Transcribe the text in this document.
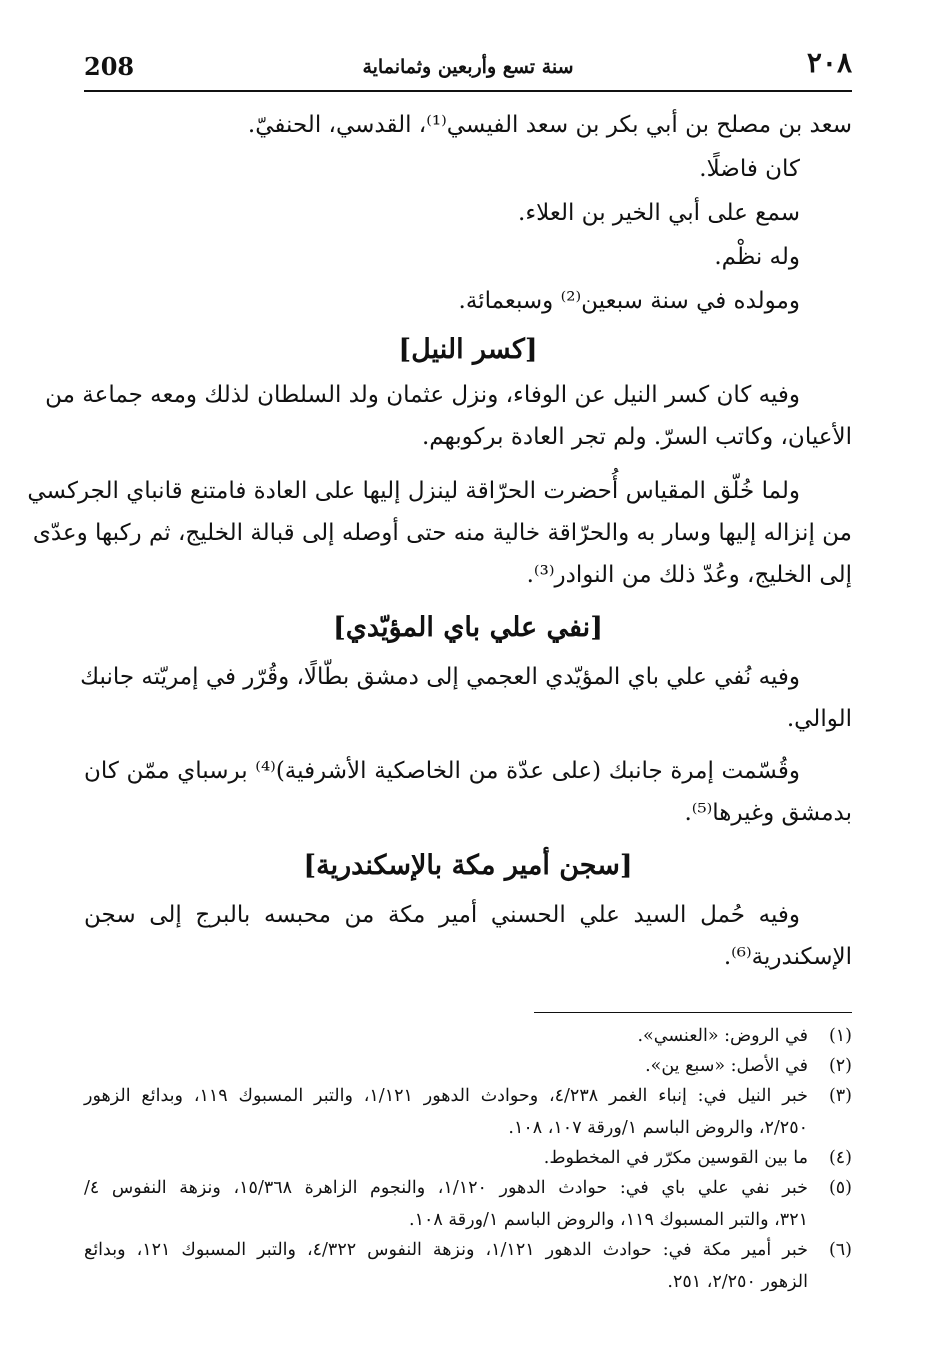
208	سنة تسع وأربعين وثمانماية	٢٠٨
سعد بن مصلح بن أبي بكر بن سعد الفيسي⁽¹⁾، القدسي، الحنفيّ.
كان فاضلًا.
سمع على أبي الخير بن العلاء.
وله نظْم.
ومولده في سنة سبعين⁽²⁾ وسبعمائة.
[كسر النيل]
وفيه كان كسر النيل عن الوفاء، ونزل عثمان ولد السلطان لذلك ومعه جماعة من
الأعيان، وكاتب السرّ. ولم تجر العادة بركوبهم.
ولما خُلّق المقياس أُحضرت الحرّاقة لينزل إليها على العادة فامتنع قانباي الجركسي
من إنزاله إليها وسار به والحرّاقة خالية منه حتى أوصله إلى قبالة الخليج، ثم ركبها وعدّى
إلى الخليج، وعُدّ ذلك من النوادر⁽³⁾.
[نفي علي باي المؤيّدي]
وفيه نُفي علي باي المؤيّدي العجمي إلى دمشق بطّالًا، وقُرّر في إمريّته جانبك
الوالي.
وقُسّمت إمرة جانبك (على عدّة من الخاصكية الأشرفية)⁽⁴⁾ برسباي ممّن كان
بدمشق وغيرها⁽⁵⁾.
[سجن أمير مكة بالإسكندرية]
وفيه حُمل السيد علي الحسني أمير مكة من محبسه بالبرج إلى سجن
الإسكندرية⁽⁶⁾.
(١)
في الروض: «العنسي».
(٢)
في الأصل: «سبع ين».
(٣)
خبر النيل في: إنباء الغمر ٤/٢٣٨، وحوادث الدهور ١/١٢١، والتبر المسبوك ١١٩، وبدائع الزهور
٢/٢٥٠، والروض الباسم ١/ورقة ١٠٧، ١٠٨.
(٤)
ما بين القوسين مكرّر في المخطوط.
(٥)
خبر نفي علي باي في: حوادث الدهور ١/١٢٠، والنجوم الزاهرة ١٥/٣٦٨، ونزهة النفوس ٤/
٣٢١، والتبر المسبوك ١١٩، والروض الباسم ١/ورقة ١٠٨.
(٦)
خبر أمير مكة في: حوادث الدهور ١/١٢١، ونزهة النفوس ٤/٣٢٢، والتبر المسبوك ١٢١، وبدائع
الزهور ٢/٢٥٠، ٢٥١.
